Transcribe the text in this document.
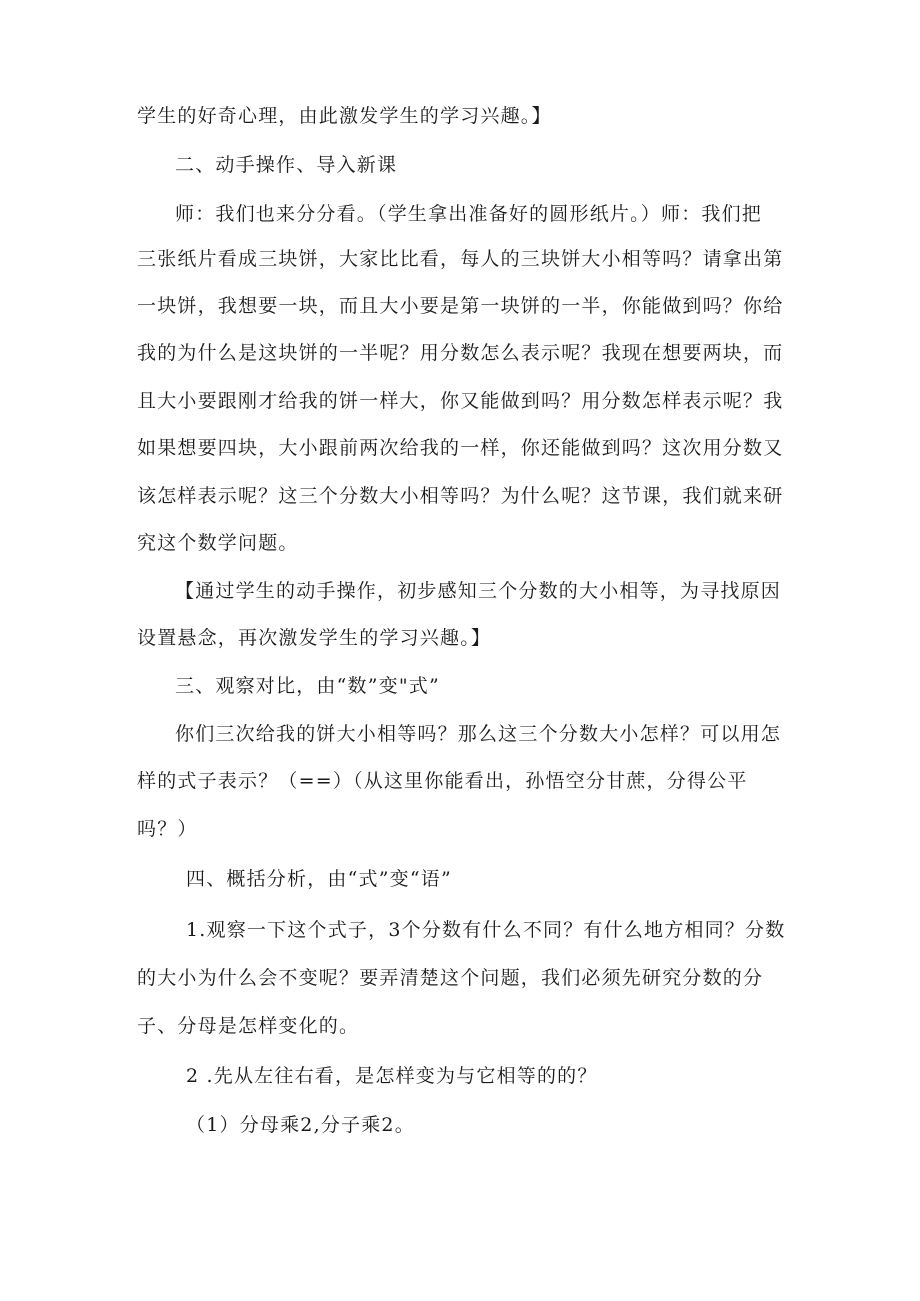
学生的好奇心理，由此激发学生的学习兴趣。】
二、动手操作、导入新课
师：我们也来分分看。（学生拿出准备好的圆形纸片。）师：我们把
三张纸片看成三块饼，大家比比看，每人的三块饼大小相等吗？请拿出第
一块饼，我想要一块，而且大小要是第一块饼的一半，你能做到吗？你给
我的为什么是这块饼的一半呢？用分数怎么表示呢？我现在想要两块，而
且大小要跟刚才给我的饼一样大，你又能做到吗？用分数怎样表示呢？我
如果想要四块，大小跟前两次给我的一样，你还能做到吗？这次用分数又
该怎样表示呢？这三个分数大小相等吗？为什么呢？这节课，我们就来研
究这个数学问题。
【通过学生的动手操作，初步感知三个分数的大小相等，为寻找原因
设置悬念，再次激发学生的学习兴趣。】
三、观察对比，由“数”变"式”
你们三次给我的饼大小相等吗？那么这三个分数大小怎样？可以用怎
样的式子表示？（==）（从这里你能看出，孙悟空分甘蔗，分得公平
吗？）
四、概括分析，由“式”变“语”
1.观察一下这个式子，3个分数有什么不同？有什么地方相同？分数
的大小为什么会不变呢？要弄清楚这个问题，我们必须先研究分数的分
子、分母是怎样变化的。
2 .先从左往右看，是怎样变为与它相等的的？
（1）分母乘2,分子乘2。
